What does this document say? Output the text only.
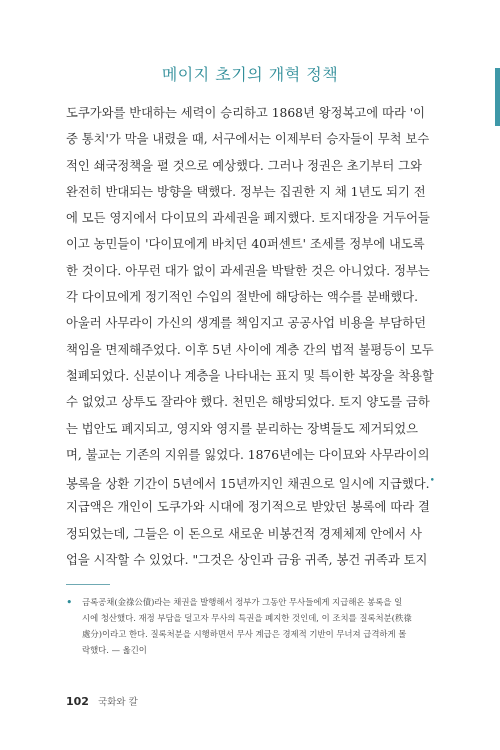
메이지 초기의 개혁 정책
도쿠가와를 반대하는 세력이 승리하고 1868년 왕정복고에 따라 '이
중 통치'가 막을 내렸을 때, 서구에서는 이제부터 승자들이 무척 보수
적인 쇄국정책을 펼 것으로 예상했다. 그러나 정권은 초기부터 그와
완전히 반대되는 방향을 택했다. 정부는 집권한 지 채 1년도 되기 전
에 모든 영지에서 다이묘의 과세권을 폐지했다. 토지대장을 거두어들
이고 농민들이 '다이묘에게 바치던 40퍼센트' 조세를 정부에 내도록
한 것이다. 아무런 대가 없이 과세권을 박탈한 것은 아니었다. 정부는
각 다이묘에게 정기적인 수입의 절반에 해당하는 액수를 분배했다.
아울러 사무라이 가신의 생계를 책임지고 공공사업 비용을 부담하던
책임을 면제해주었다. 이후 5년 사이에 계층 간의 법적 불평등이 모두
철폐되었다. 신분이나 계층을 나타내는 표지 및 특이한 복장을 착용할
수 없었고 상투도 잘라야 했다. 천민은 해방되었다. 토지 양도를 금하
는 법안도 폐지되고, 영지와 영지를 분리하는 장벽들도 제거되었으
며, 불교는 기존의 지위를 잃었다. 1876년에는 다이묘와 사무라이의
봉록을 상환 기간이 5년에서 15년까지인 채권으로 일시에 지급했다.•
지급액은 개인이 도쿠가와 시대에 정기적으로 받았던 봉록에 따라 결
정되었는데, 그들은 이 돈으로 새로운 비봉건적 경제체제 안에서 사
업을 시작할 수 있었다. "그것은 상인과 금융 귀족, 봉건 귀족과 토지
• 금록공채(金祿公債)라는 채권을 발행해서 정부가 그동안 무사들에게 지급해온 봉록을 일
시에 청산했다. 재정 부담을 덜고자 무사의 특권을 폐지한 것인데, 이 조치를 질록처분(秩祿
處分)이라고 한다. 질록처분을 시행하면서 무사 계급은 경제적 기반이 무너져 급격하게 몰
락했다. — 옮긴이
102 국화와 칼
